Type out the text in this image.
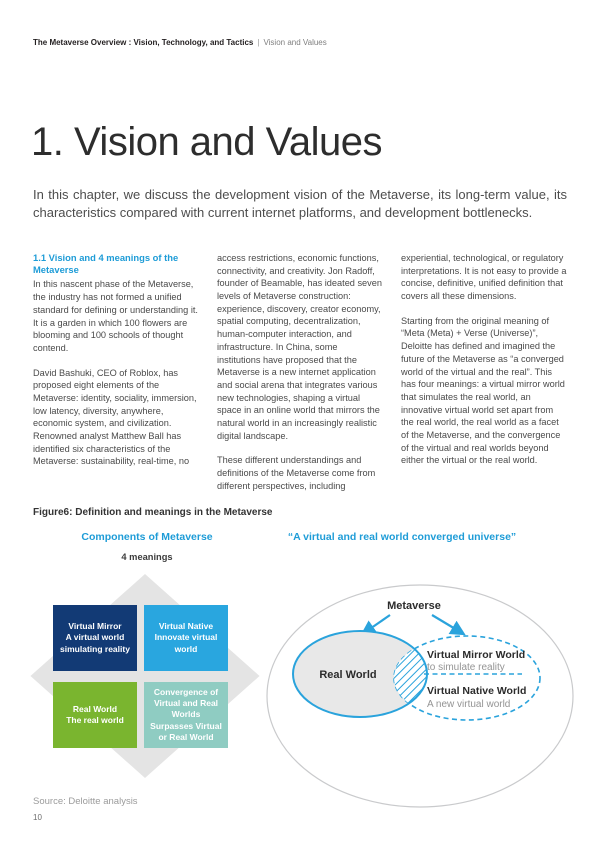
The Metaverse Overview : Vision, Technology, and Tactics | Vision and Values
1. Vision and Values

In this chapter, we discuss the development vision of the Metaverse, its long-term value, its characteristics compared with current internet platforms, and development bottlenecks.

1.1 Vision and 4 meanings of the Metaverse

In this nascent phase of the Metaverse, the industry has not formed a unified standard for defining or understanding it. It is a garden in which 100 flowers are blooming and 100 schools of thought contend.

David Bashuki, CEO of Roblox, has proposed eight elements of the Metaverse: identity, sociality, immersion, low latency, diversity, anywhere, economic system, and civilization. Renowned analyst Matthew Ball has identified six characteristics of the Metaverse: sustainability, real-time, no

access restrictions, economic functions, connectivity, and creativity. Jon Radoff, founder of Beamable, has ideated seven levels of Metaverse construction: experience, discovery, creator economy, spatial computing, decentralization, human-computer interaction, and infrastructure. In China, some institutions have proposed that the Metaverse is a new internet application and social arena that integrates various new technologies, shaping a virtual space in an online world that mirrors the natural world in an increasingly realistic digital landscape.

These different understandings and definitions of the Metaverse come from different perspectives, including

experiential, technological, or regulatory interpretations. It is not easy to provide a concise, definitive, unified definition that covers all these dimensions.

Starting from the original meaning of “Meta (Meta) + Verse (Universe)”, Deloitte has defined and imagined the future of the Metaverse as “a converged world of the virtual and the real”. This has four meanings: a virtual mirror world that simulates the real world, an innovative virtual world set apart from the real world, the real world as a facet of the Metaverse, and the convergence of the virtual and real worlds beyond either the virtual or the real world.

Figure6: Definition and meanings in the Metaverse
Components of Metaverse
4 meanings
“A virtual and real world converged universe”
Virtual Mirror
A virtual world simulating reality
Virtual Native
Innovate virtual world
Real World
The real world
Convergence of Virtual and Real Worlds
Surpasses Virtual or Real World
Metaverse
Real World
Virtual Mirror World
to simulate reality
Virtual Native World
A new virtual world
Source: Deloitte analysis
10
